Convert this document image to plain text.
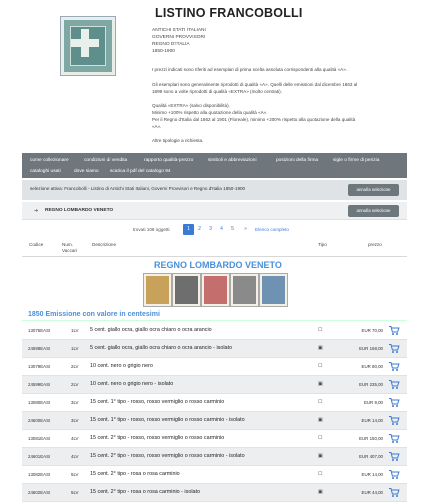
LISTINO FRANCOBOLLI
ANTICHI STATI ITALIANI
GOVERNI PROVVISORI
REGNO D'ITALIA
1850-1900
I prezzi indicati sono riferiti ad esemplari di prima scelta assoluta corrispondenti alla qualità «A».
Gli esemplari sono generalmente riprodotti di qualità «A». Quelli delle emissioni dal dicembre 1863 al
1899 sono a volte riprodotti di qualità «EXTRA» (molto centrati).
Qualità «EXTRA» (salvo disponibilità).
Minimo +100% rispetto alla quotazione della qualità «A».
Per il Regno d'Italia dal 1862 al 1901 (Floreale), minimo +200% rispetto alla quotazione della qualità
«A».
Altre tipologie a richiesta.
come collezionare	condizioni di vendita	rapporto qualità-prezzo	simboli e abbreviazioni	posizioni della firma	sigle o firme di perizia
cataloghi usati	dove siamo scarica il pdf del catalogo 94
selezione attiva: Francobolli - Listino di Antichi Stati Italiani, Governi Provvisori e Regno d'Italia 1850-1900	annulla selezione
➔ REGNO LOMBARDO VENETO	annulla selezione
trovati 108 oggetti	1	2	3	4	5	»	Elenco completo
Codice	Num.
Vaccari
Descrizione	Tipo	prezzo
REGNO LOMBARDO VENETO
1850 Emissione con valore in centesimi
13076EASI	1LV 5 cent. giallo ocra, giallo ocra chiaro o ocra arancio	☐	EUR 70,00
24598EASI	1LV 5 cent. giallo ocra, giallo ocra chiaro o ocra arancio - isolato	▣	EUR 168,00
13079EASI	2LV 10 cent. nero o grigio nero	☐	EUR 80,00
24599EASI	2LV 10 cent. nero o grigio nero - isolato	▣	EUR 235,00
13080EASI	3LV 15 cent. 1° tipo - rosso, rosso vermiglio o rosso carminio	☐	EUR 9,00
24600EASI	3LV 15 cent. 1° tipo - rosso, rosso vermiglio o rosso carminio - isolato	▣	EUR 14,00
13081EASI	4LV 15 cent. 2° tipo - rosso, rosso vermiglio o rosso carminio	☐	EUR 150,00
24601EASI	4LV 15 cent. 2° tipo - rosso, rosso vermiglio o rosso carminio - isolato	▣	EUR 407,00
13082EASI	5LV 15 cent. 2° tipo - rosa o rosa carminio	☐	EUR 14,00
24602EASI	5LV 15 cent. 2° tipo - rosa o rosa carminio - isolato	▣	EUR 44,00
